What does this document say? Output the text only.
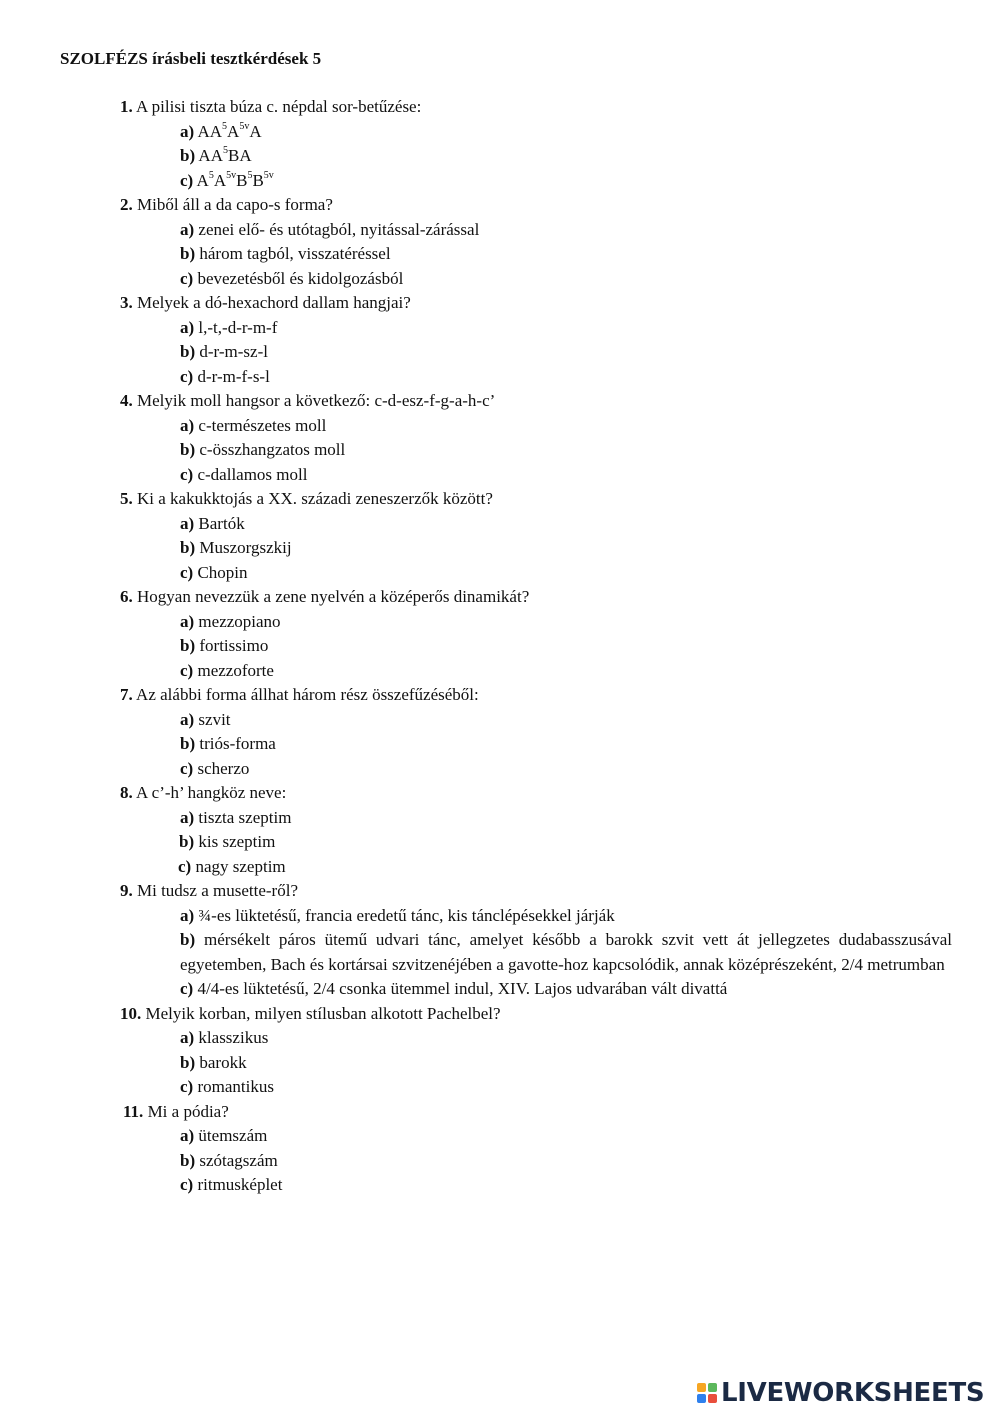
SZOLFÉZS írásbeli tesztkérdések 5
1. A pilisi tiszta búza c. népdal sor-betűzése:
a) $AA^5A^{5v}A$
b) $AA^5BA$
c) $A^5A^{5v}B^5B^{5v}$
2. Miből áll a da capo-s forma?
a) zenei elő- és utótagból, nyitással-zárással
b) három tagból, visszatéréssel
c) bevezetésből és kidolgozásból
3. Melyek a dó-hexachord dallam hangjai?
a) l,-t,-d-r-m-f
b) d-r-m-sz-l
c) d-r-m-f-s-l
4. Melyik moll hangsor a következő: c-d-esz-f-g-a-h-c’
a) c-természetes moll
b) c-összhangzatos moll
c) c-dallamos moll
5. Ki a kakukktojás a XX. századi zeneszerzők között?
a) Bartók
b) Muszorgszkij
c) Chopin
6. Hogyan nevezzük a zene nyelvén a középerős dinamikát?
a) mezzopiano
b) fortissimo
c) mezzoforte
7. Az alábbi forma állhat három rész összefűzéséből:
a) szvit
b) triós-forma
c) scherzo
8. A c’-h’ hangköz neve:
a) tiszta szeptim
b) kis szeptim
c) nagy szeptim
9. Mi tudsz a musette-ről?
a) ¾-es lüktetésű, francia eredetű tánc, kis tánclépésekkel járják
b) mérsékelt páros ütemű udvari tánc, amelyet később a barokk szvit vett át jellegzetes dudabasszusával egyetemben, Bach és kortársai szvitzenéjében a gavotte-hoz kapcsolódik, annak középrészeként, 2/4 metrumban
c) 4/4-es lüktetésű, 2/4 csonka ütemmel indul, XIV. Lajos udvarában vált divattá
10. Melyik korban, milyen stílusban alkotott Pachelbel?
a) klasszikus
b) barokk
c) romantikus
11. Mi a pódia?
a) ütemszám
b) szótagszám
c) ritmusképlet
LIVEWORKSHEETS
